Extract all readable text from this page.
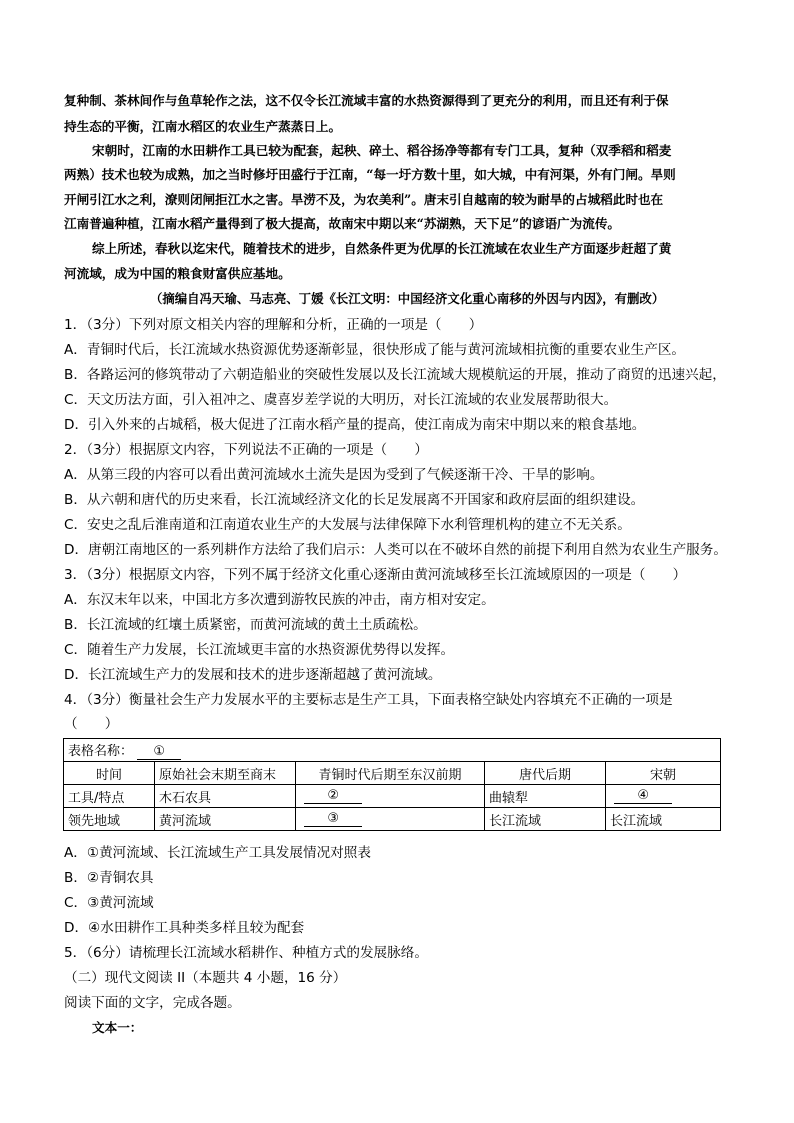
复种制、茶林间作与鱼草轮作之法，这不仅令长江流域丰富的水热资源得到了更充分的利用，而且还有利于保
持生态的平衡，江南水稻区的农业生产蒸蒸日上。
宋朝时，江南的水田耕作工具已较为配套，起秧、碎土、稻谷扬净等都有专门工具，复种（双季稻和稻麦
两熟）技术也较为成熟，加之当时修圩田盛行于江南，“每一圩方数十里，如大城，中有河渠，外有门闸。旱则
开闸引江水之利，潦则闭闸拒江水之害。旱涝不及，为农美利”。唐末引自越南的较为耐旱的占城稻此时也在
江南普遍种植，江南水稻产量得到了极大提高，故南宋中期以来“苏湖熟，天下足”的谚语广为流传。
综上所述，春秋以迄宋代，随着技术的进步，自然条件更为优厚的长江流域在农业生产方面逐步赶超了黄
河流域，成为中国的粮食财富供应基地。
（摘编自冯天瑜、马志亮、丁媛《长江文明：中国经济文化重心南移的外因与内因》，有删改）
1．（3分）下列对原文相关内容的理解和分析，正确的一项是（　　）
A．青铜时代后，长江流域水热资源优势逐渐彰显，很快形成了能与黄河流域相抗衡的重要农业生产区。
B．各路运河的修筑带动了六朝造船业的突破性发展以及长江流域大规模航运的开展，推动了商贸的迅速兴起，
C．天文历法方面，引入祖冲之、虞喜岁差学说的大明历，对长江流域的农业发展帮助很大。
D．引入外来的占城稻，极大促进了江南水稻产量的提高，使江南成为南宋中期以来的粮食基地。
2．（3分）根据原文内容，下列说法不正确的一项是（　　）
A．从第三段的内容可以看出黄河流域水土流失是因为受到了气候逐渐干冷、干旱的影响。
B．从六朝和唐代的历史来看，长江流域经济文化的长足发展离不开国家和政府层面的组织建设。
C．安史之乱后淮南道和江南道农业生产的大发展与法律保障下水利管理机构的建立不无关系。
D．唐朝江南地区的一系列耕作方法给了我们启示：人类可以在不破坏自然的前提下利用自然为农业生产服务。
3．（3分）根据原文内容，下列不属于经济文化重心逐渐由黄河流域移至长江流域原因的一项是（　　）
A．东汉末年以来，中国北方多次遭到游牧民族的冲击，南方相对安定。
B．长江流域的红壤土质紧密，而黄河流域的黄土土质疏松。
C．随着生产力发展，长江流域更丰富的水热资源优势得以发挥。
D．长江流域生产力的发展和技术的进步逐渐超越了黄河流域。
4．（3分）衡量社会生产力发展水平的主要标志是生产工具，下面表格空缺处内容填充不正确的一项是
（　　）
表格名称： ①				
时间	原始社会末期至商末	青铜时代后期至东汉前期	唐代后期	宋朝
工具/特点	木石农具	②	曲辕犁	④
领先地域	黄河流域	③	长江流域	长江流域
A．①黄河流域、长江流域生产工具发展情况对照表
B．②青铜农具
C．③黄河流域
D．④水田耕作工具种类多样且较为配套
5．（6分）请梳理长江流域水稻耕作、种植方式的发展脉络。
（二）现代文阅读 II（本题共 4 小题，16 分）
阅读下面的文字，完成各题。
文本一：
